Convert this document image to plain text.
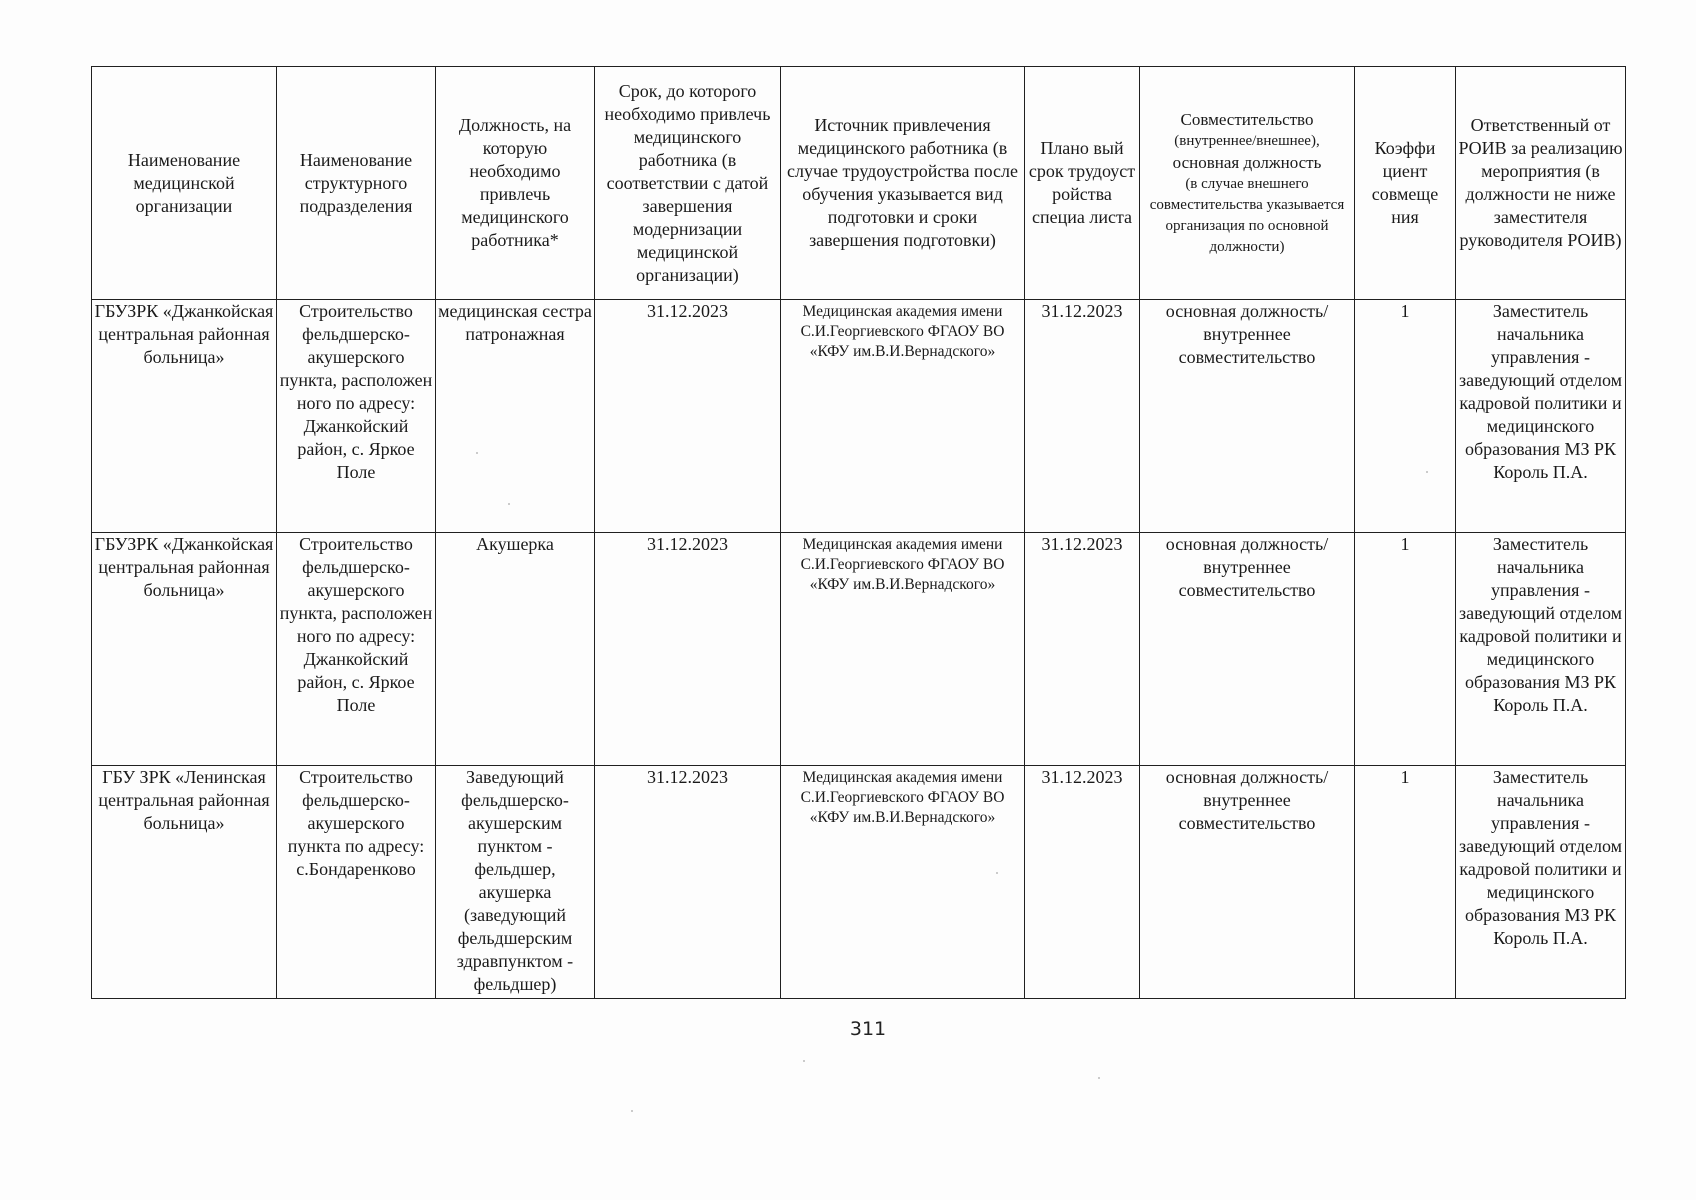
Наименование медицинской организации	Наименование структурного подразделения	Должность, на которую необходимо привлечь медицинского работника*	Срок, до которого необходимо привлечь медицинского работника (в соответствии с датой завершения модернизации медицинской организации)	Источник привлечения медицинского работника (в случае трудоустройства после обучения указывается вид подготовки и сроки завершения подготовки)	Плано вый срок трудоуст ройства специа листа	Совместительство
(внутреннее/внешнее),
основная должность
(в случае внешнего совместительства указывается организация по основной должности)	Коэффи циент совмеще ния	Ответственный от РОИВ за реализацию мероприятия (в должности не ниже заместителя руководителя РОИВ)
ГБУЗРК «Джанкойская центральная районная больница»	Строительство фельдшерско-акушерского пункта, расположен ного по адресу: Джанкойский район, с. Яркое Поле	медицинская сестра патронажная	31.12.2023	Медицинская академия имени С.И.Георгиевского ФГАОУ ВО «КФУ им.В.И.Вернадского»	31.12.2023	основная должность/ внутреннее совместительство	1	Заместитель начальника управления - заведующий отделом кадровой политики и медицинского образования МЗ РК Король П.А.
ГБУЗРК «Джанкойская центральная районная больница»	Строительство фельдшерско-акушерского пункта, расположен ного по адресу: Джанкойский район, с. Яркое Поле	Акушерка	31.12.2023	Медицинская академия имени С.И.Георгиевского ФГАОУ ВО «КФУ им.В.И.Вернадского»	31.12.2023	основная должность/ внутреннее совместительство	1	Заместитель начальника управления - заведующий отделом кадровой политики и медицинского образования МЗ РК Король П.А.
ГБУ ЗРК «Ленинская центральная районная больница»	Строительство фельдшерско-акушерского пункта по адресу: с.Бондаренково	Заведующий фельдшерско-акушерским пунктом - фельдшер, акушерка (заведующий фельдшерским здравпунктом - фельдшер)	31.12.2023	Медицинская академия имени С.И.Георгиевского ФГАОУ ВО «КФУ им.В.И.Вернадского»	31.12.2023	основная должность/ внутреннее совместительство	1	Заместитель начальника управления - заведующий отделом кадровой политики и медицинского образования МЗ РК Король П.А.
311
